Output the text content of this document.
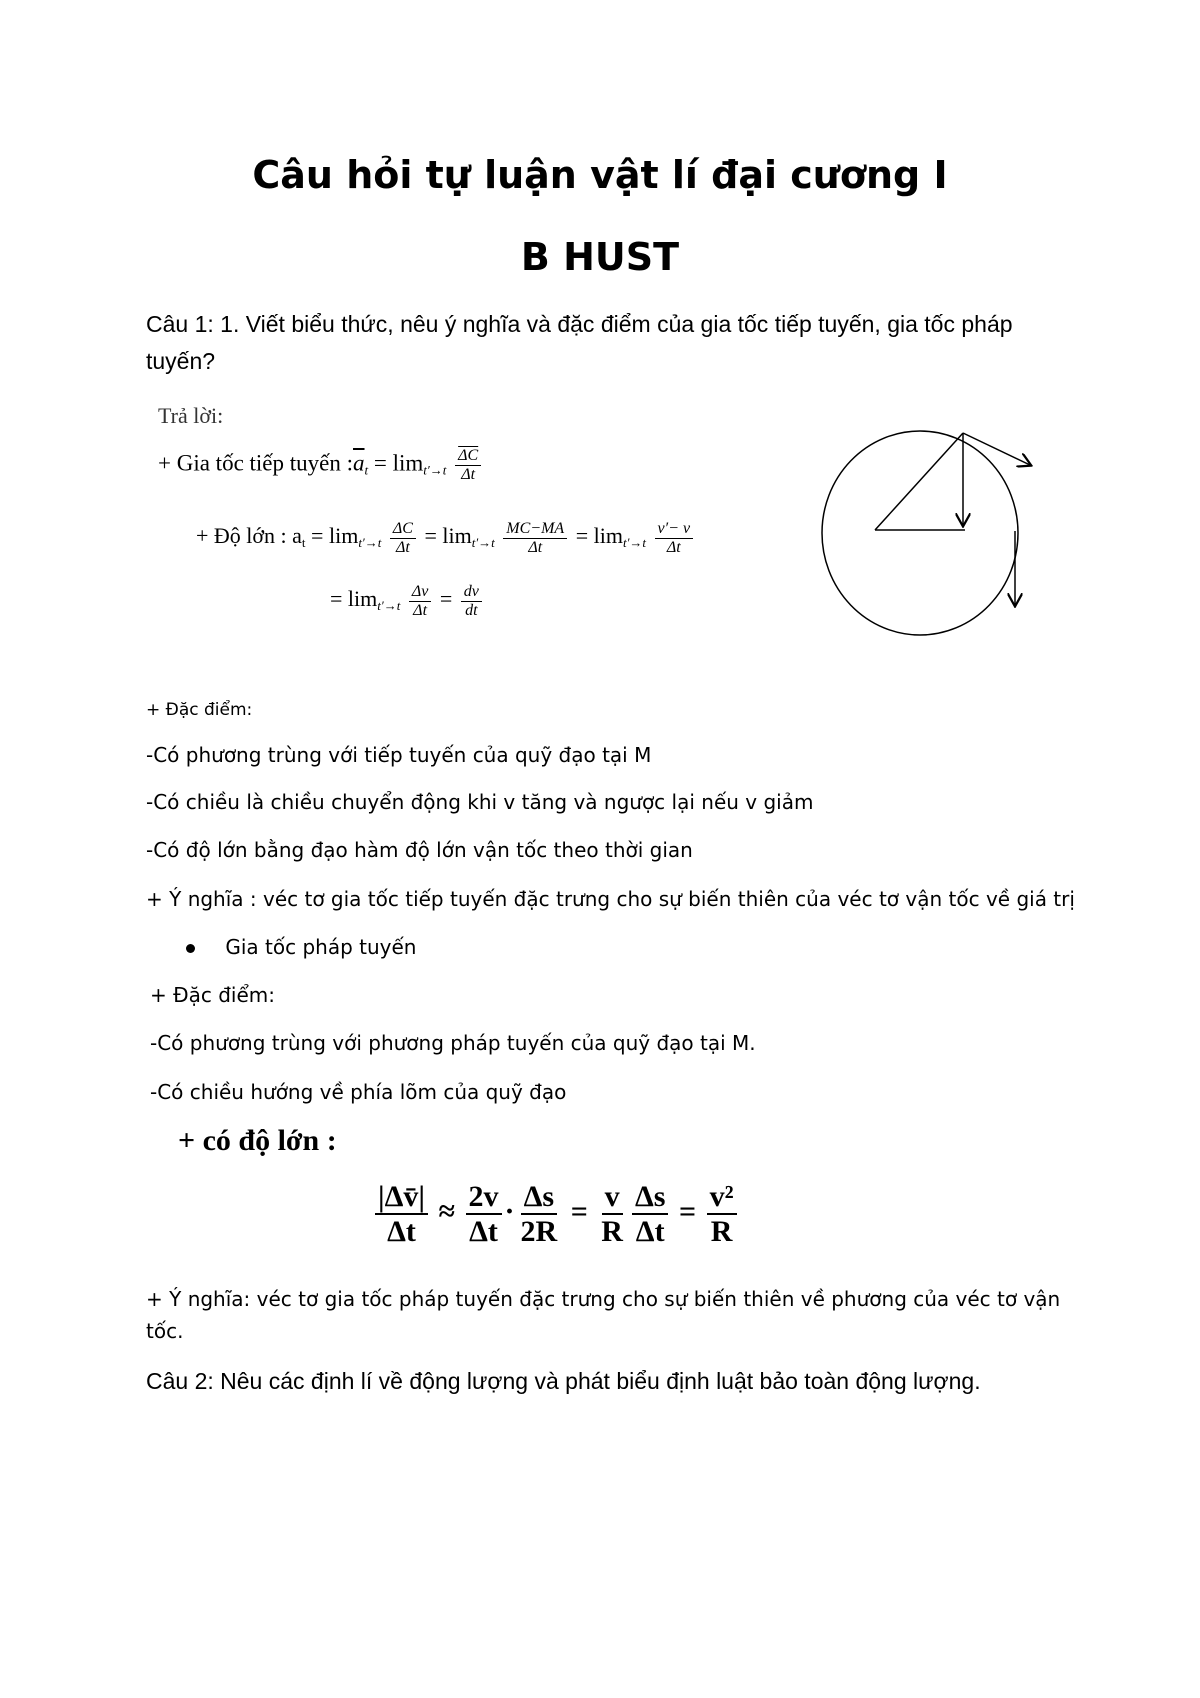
Câu hỏi tự luận vật lí đại cương I
B HUST
Câu 1: 1. Viết biểu thức, nêu ý nghĩa và đặc điểm của gia tốc tiếp tuyến, gia tốc pháp tuyến?
Trả lời:
+ Gia tốc tiếp tuyến $:\overline{a}_t = \lim_{t'\to t} \frac{\overline{\Delta C}}{\Delta t}$
+ Độ lớn : at = $\lim_{t'\to t} \frac{\Delta C}{\Delta t} = \lim_{t'\to t} \frac{MC-MA}{\Delta t} = \lim_{t'\to t} \frac{v'- v}{\Delta t}$
= $\lim_{t'\to t} \frac{\Delta v}{\Delta t} = \frac{dv}{dt}$
+ Đặc điểm:
-Có phương trùng với tiếp tuyến của quỹ đạo tại M
-Có chiều là chiều chuyển động khi v tăng và ngược lại nếu v giảm
-Có độ lớn bằng đạo hàm độ lớn vận tốc theo thời gian
+ Ý nghĩa : véc tơ gia tốc tiếp tuyến đặc trưng cho sự biến thiên của véc tơ vận tốc về giá trị
Gia tốc pháp tuyến
+ Đặc điểm:
-Có phương trùng với phương pháp tuyến của quỹ đạo tại M.
-Có chiều hướng về phía lõm của quỹ đạo
+ có độ lớn :
$\frac{|\Delta v̄|}{\Delta t} \approx \frac{2v}{\Delta t} \cdot \frac{\Delta s}{2R} = \frac{v}{R} \frac{\Delta s}{\Delta t} = \frac{\text{v²}}{R}$
+ Ý nghĩa: véc tơ gia tốc pháp tuyến đặc trưng cho sự biến thiên về phương của véc tơ vận tốc.
Câu 2: Nêu các định lí về động lượng và phát biểu định luật bảo toàn động lượng.
